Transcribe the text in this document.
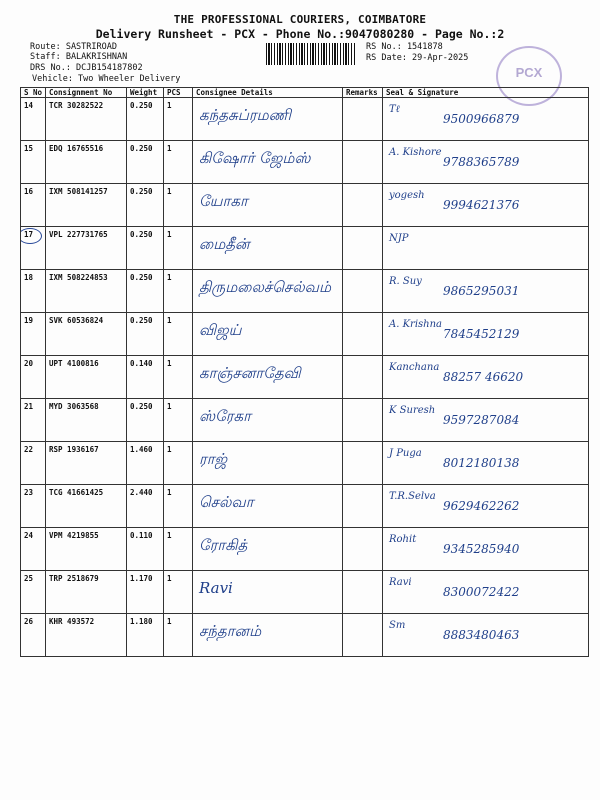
THE PROFESSIONAL COURIERS, COIMBATORE
Delivery Runsheet - PCX - Phone No.:9047080280 - Page No.:2
Route: SASTRIROAD
Staff: BALAKRISHNAN
DRS No.: DCJB154187802
Vehicle: Two Wheeler Delivery
RS No.: 1541878
RS Date: 29-Apr-2025
PCX
S No	Consignment No	Weight	PCS	Consignee Details	Remarks	Seal & Signature
14	TCR 30282522	0.250	1	கந்தசுப்ரமணி		Tℓ
9500966879

15	EDQ 16765516	0.250	1	கிஷோர் ஜேம்ஸ்		A. Kishore
9788365789

16	IXM 508141257	0.250	1	யோகா		yogesh
9994621376

17	VPL 227731765	0.250	1	மைதீன்		NJP

18	IXM 508224853	0.250	1	திருமலைச்செல்வம்		R. Suy
9865295031

19	SVK 60536824	0.250	1	விஜய்		A. Krishna
7845452129

20	UPT 4100816	0.140	1	காஞ்சனாதேவி		Kanchana
88257 46620

21	MYD 3063568	0.250	1	ஸ்ரேகா		K Suresh
9597287084

22	RSP 1936167	1.460	1	ராஜ்		J Puga
8012180138

23	TCG 41661425	2.440	1	செல்வா		T.R.Selva
9629462262

24	VPM 4219855	0.110	1	ரோகித்		Rohit
9345285940

25	TRP 2518679	1.170	1	Ravi		Ravi
8300072422

26	KHR 493572	1.180	1	சந்தானம்		Sm
8883480463
